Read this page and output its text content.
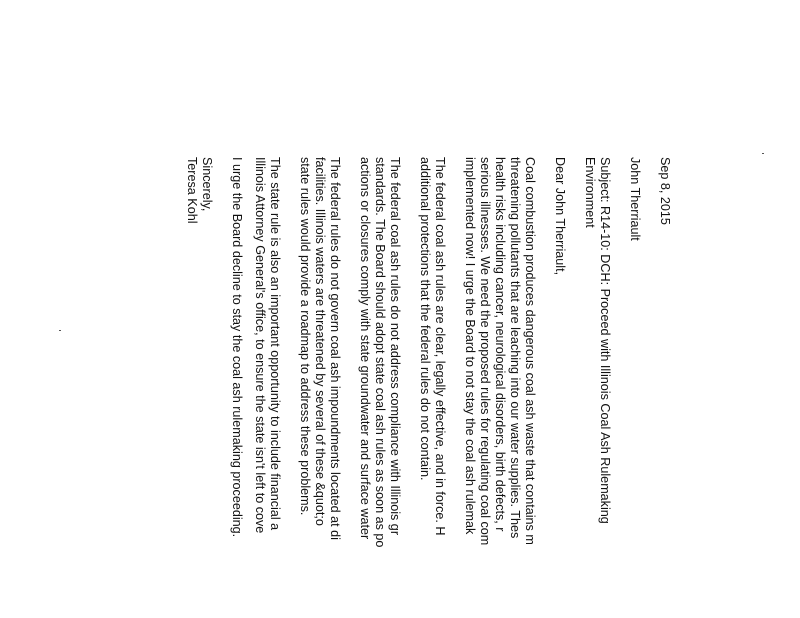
Sep 8, 2015
John Therriault
Subject: R14-10: DCH: Proceed with Illinois Coal Ash Rulemaking
Environment
Dear John Therriault,
Coal combustion produces dangerous coal ash waste that contains m
threatening pollutants that are leaching into our water supplies. Thes
health risks including cancer, neurological disorders, birth defects, r
serious illnesses. We need the proposed rules for regulating coal com
implemented now! I urge the Board to not stay the coal ash rulemak
The federal coal ash rules are clear, legally effective, and in force. H
additional protections that the federal rules do not contain.
The federal coal ash rules do not address compliance with Illinois gr
standards. The Board should adopt state coal ash rules as soon as po
actions or closures comply with state groundwater and surface water
The federal rules do not govern coal ash impoundments located at di
facilities. Illinois waters are threatened by several of these &quot;o
state rules would provide a roadmap to address these problems.
The state rule is also an important opportunity to include financial a
Illinois Attorney General's office, to ensure the state isn't left to cove
I urge the Board decline to stay the coal ash rulemaking proceeding.
Sincerely,
Teresa Kohl
